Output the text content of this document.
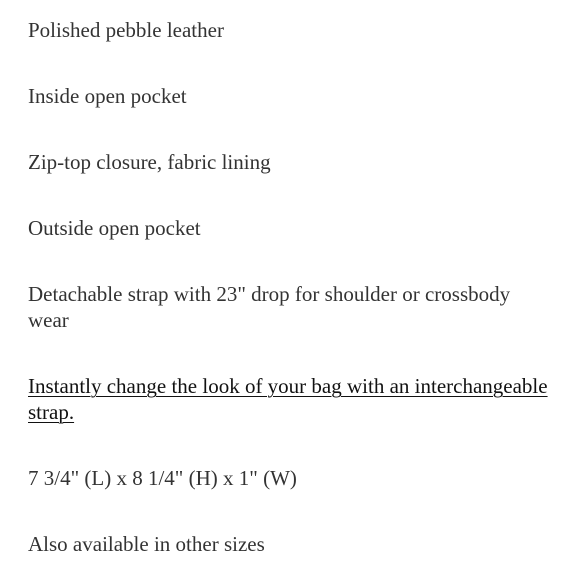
Polished pebble leather
Inside open pocket
Zip-top closure, fabric lining
Outside open pocket
Detachable strap with 23" drop for shoulder or crossbody wear
Instantly change the look of your bag with an interchangeable strap.
7 3/4" (L) x 8 1/4" (H) x 1" (W)
Also available in other sizes
